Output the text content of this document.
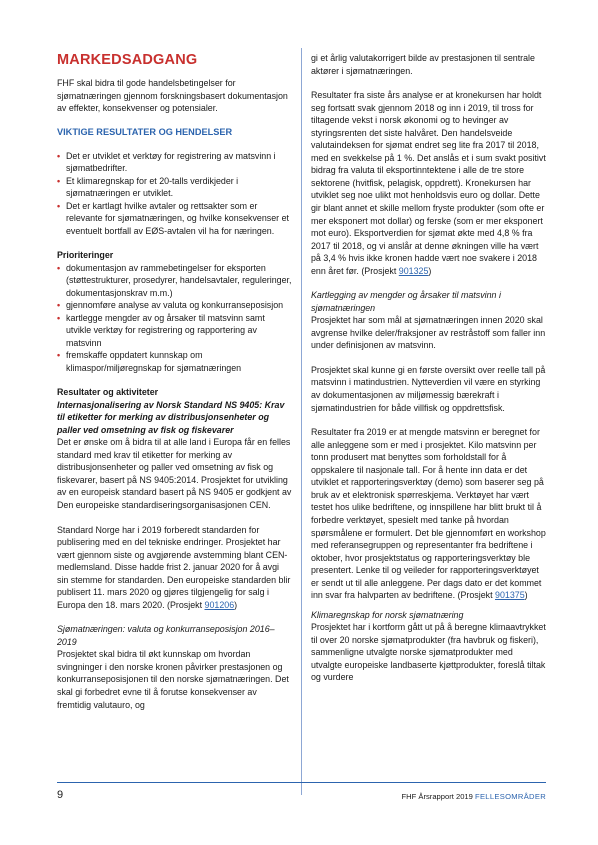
MARKEDSADGANG

FHF skal bidra til gode handelsbetingelser for sjømatnæringen gjennom forskningsbasert dokumentasjon av effekter, konsekvenser og potensialer.

VIKTIGE RESULTATER OG HENDELSER
• Det er utviklet et verktøy for registrering av matsvinn i sjømatbedrifter.
• Et klimaregnskap for et 20-talls verdikjeder i sjømatnæringen er utviklet.
• Det er kartlagt hvilke avtaler og rettsakter som er relevante for sjømatnæringen, og hvilke konsekvenser et eventuelt bortfall av EØS-avtalen vil ha for næringen.

Prioriteringer

• dokumentasjon av rammebetingelser for eksporten (støttestrukturer, prosedyrer, handelsavtaler, reguleringer, dokumentasjonskrav m.m.)
• gjennomføre analyse av valuta og konkurranseposisjon
• kartlegge mengder av og årsaker til matsvinn samt utvikle verktøy for registrering og rapportering av matsvinn
• fremskaffe oppdatert kunnskap om klimaspor/miljøregnskap for sjømatnæringen

Resultater og aktiviteter

Internasjonalisering av Norsk Standard NS 9405: Krav til etiketter for merking av distribusjonsenheter og paller ved omsetning av fisk og fiskevarer

Det er ønske om å bidra til at alle land i Europa får en felles standard med krav til etiketter for merking av distribusjonsenheter og paller ved omsetning av fisk og fiskevarer, basert på NS 9405:2014. Prosjektet for utvikling av en europeisk standard basert på NS 9405 er godkjent av Den europeiske standardiseringsorganisasjonen CEN.

Standard Norge har i 2019 forberedt standarden for publisering med en del tekniske endringer. Prosjektet har vært gjennom siste og avgjørende avstemming blant CEN-medlemsland. Disse hadde frist 2. januar 2020 for å avgi sin stemme for standarden. Den europeiske standarden blir publisert 11. mars 2020 og gjøres tilgjengelig for salg i Europa den 18. mars 2020. (Prosjekt 901206)

Sjømatnæringen: valuta og konkurranseposisjon 2016–2019

Prosjektet skal bidra til økt kunnskap om hvordan svingninger i den norske kronen påvirker prestasjonen og konkurranseposisjonen til den norske sjømatnæringen. Det skal gi forbedret evne til å forutse konsekvenser av fremtidig valutauro, og

gi et årlig valutakorrigert bilde av prestasjonen til sentrale aktører i sjømatnæringen.

Resultater fra siste års analyse er at kronekursen har holdt seg fortsatt svak gjennom 2018 og inn i 2019, til tross for tiltagende vekst i norsk økonomi og to hevinger av styringsrenten det siste halvåret. Den handelsveide valutaindeksen for sjømat endret seg lite fra 2017 til 2018, med en svekkelse på 1 %. Det anslås et i sum svakt positivt bidrag fra valuta til eksportinntektene i alle de tre store sektorene (hvitfisk, pelagisk, oppdrett). Kronekursen har utviklet seg noe ulikt mot henholdsvis euro og dollar. Dette gir blant annet et skille mellom fryste produkter (som ofte er mer eksponert mot dollar) og ferske (som er mer eksponert mot euro). Eksportverdien for sjømat økte med 4,8 % fra 2017 til 2018, og vi anslår at denne økningen ville ha vært på 3,4 % hvis ikke kronen hadde vært noe svakere i 2018 enn året før. (Prosjekt 901325)

Kartlegging av mengder og årsaker til matsvinn i sjømatnæringen

Prosjektet har som mål at sjømatnæringen innen 2020 skal avgrense hvilke deler/fraksjoner av restråstoff som faller inn under definisjonen av matsvinn.

Prosjektet skal kunne gi en første oversikt over reelle tall på matsvinn i matindustrien. Nytteverdien vil være en styrking av dokumentasjonen av miljømessig bærekraft i sjømatindustrien for både villfisk og oppdrettsfisk.

Resultater fra 2019 er at mengde matsvinn er beregnet for alle anleggene som er med i prosjektet. Kilo matsvinn per tonn produsert mat benyttes som forholdstall for å oppskalere til nasjonale tall. For å hente inn data er det utviklet et rapporteringsverktøy (demo) som baserer seg på bruk av et elektronisk spørreskjema. Verktøyet har vært testet hos ulike bedriftene, og innspillene har blitt brukt til å forbedre verktøyet, spesielt med tanke på hvordan spørsmålene er formulert. Det ble gjennomført en workshop med referansegruppen og representanter fra bedriftene i oktober, hvor prosjektstatus og rapporteringsverktøy ble presentert. Lenke til og veileder for rapporteringsverktøyet er sendt ut til alle anleggene. Per dags dato er det kommet inn svar fra halvparten av bedriftene. (Prosjekt 901375)

Klimaregnskap for norsk sjømatnæring

Prosjektet har i kortform gått ut på å beregne klimaavtrykket til over 20 norske sjømatprodukter (fra havbruk og fiskeri), sammenligne utvalgte norske sjømatprodukter med utvalgte europeiske landbaserte kjøttprodukter, foreslå tiltak og vurdere

9	FHF Årsrapport 2019 FELLESOMRÅDER
